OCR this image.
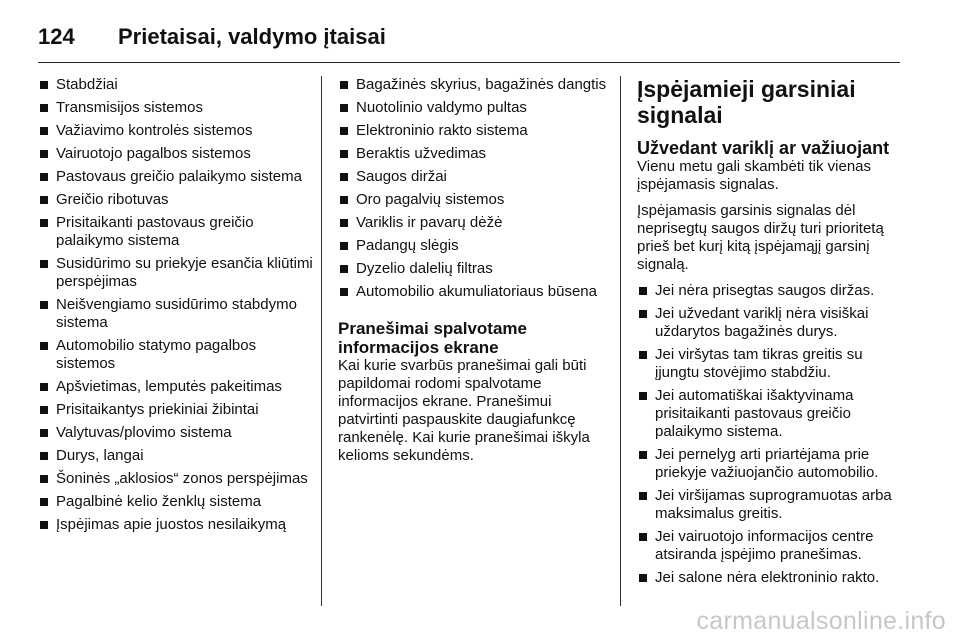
124 Prietaisai, valdymo įtaisai
Stabdžiai
Transmisijos sistemos
Važiavimo kontrolės sistemos
Vairuotojo pagalbos sistemos
Pastovaus greičio palaikymo sistema
Greičio ribotuvas
Prisitaikanti pastovaus greičio palaikymo sistema
Susidūrimo su priekyje esančia kliūtimi perspėjimas
Neišvengiamo susidūrimo stabdymo sistema
Automobilio statymo pagalbos sistemos
Apšvietimas, lemputės pakeitimas
Prisitaikantys priekiniai žibintai
Valytuvas/plovimo sistema
Durys, langai
Šoninės „aklosios“ zonos perspėjimas
Pagalbinė kelio ženklų sistema
Įspėjimas apie juostos nesilaikymą
Bagažinės skyrius, bagažinės dangtis
Nuotolinio valdymo pultas
Elektroninio rakto sistema
Beraktis užvedimas
Saugos diržai
Oro pagalvių sistemos
Variklis ir pavarų dėžė
Padangų slėgis
Dyzelio dalelių filtras
Automobilio akumuliatoriaus būsena
Pranešimai spalvotame informacijos ekrane

Kai kurie svarbūs pranešimai gali būti papildomai rodomi spalvotame informacijos ekrane. Pranešimui patvirtinti paspauskite daugiafunkcę rankenėlę. Kai kurie pranešimai iškyla kelioms sekundėms.

Įspėjamieji garsiniai signalai
Užvedant variklį ar važiuojant

Vienu metu gali skambėti tik vienas įspėjamasis signalas.

Įspėjamasis garsinis signalas dėl neprisegtų saugos diržų turi prioritetą prieš bet kurį kitą įspėjamąjį garsinį signalą.

Jei nėra prisegtas saugos diržas.
Jei užvedant variklį nėra visiškai uždarytos bagažinės durys.
Jei viršytas tam tikras greitis su įjungtu stovėjimo stabdžiu.
Jei automatiškai išaktyvinama prisitaikanti pastovaus greičio palaikymo sistema.
Jei pernelyg arti priartėjama prie priekyje važiuojančio automobilio.
Jei viršijamas suprogramuotas arba maksimalus greitis.
Jei vairuotojo informacijos centre atsiranda įspėjimo pranešimas.
Jei salone nėra elektroninio rakto.
carmanualsonline.info
